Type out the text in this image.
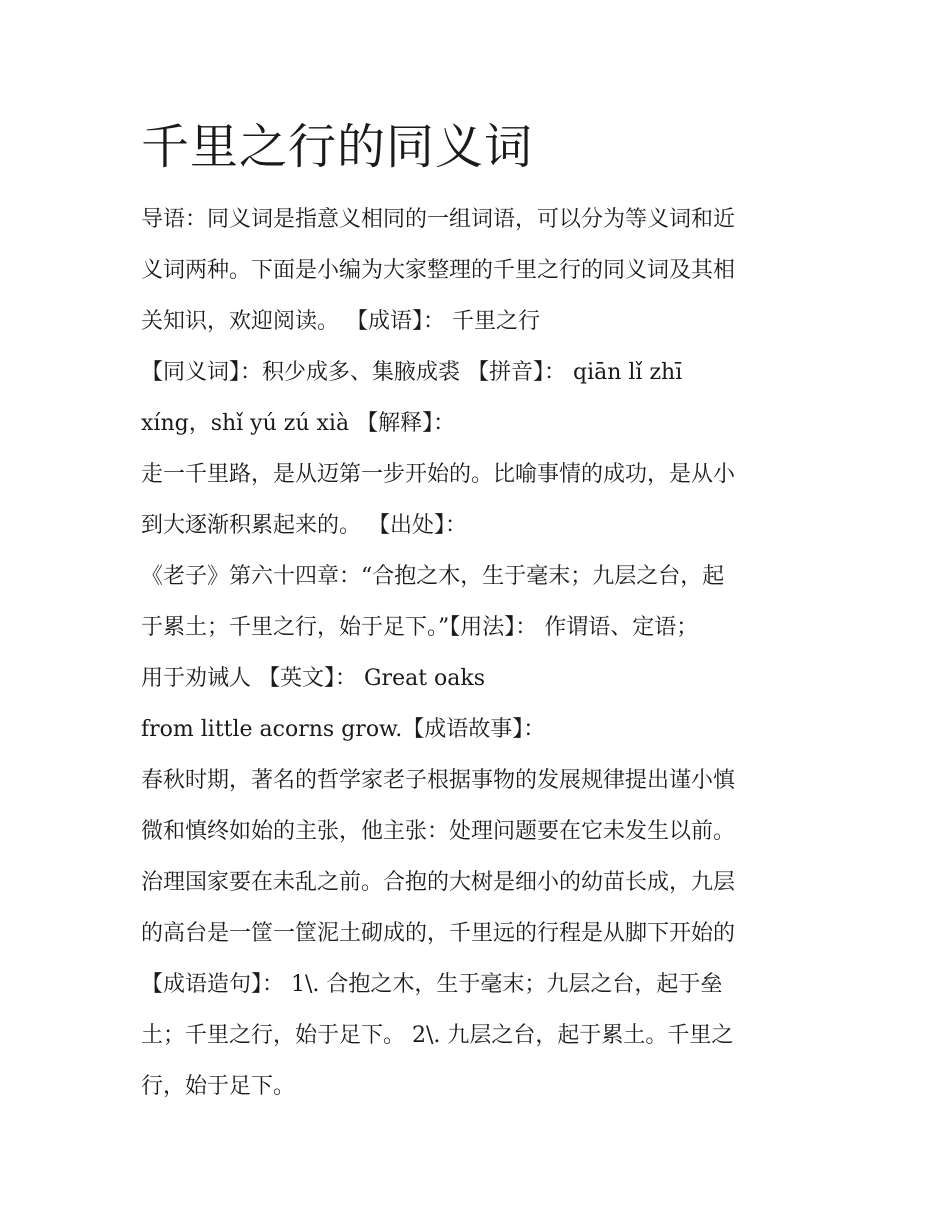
千里之行的同义词
导语：同义词是指意义相同的一组词语，可以分为等义词和近
义词两种。下面是小编为大家整理的千里之行的同义词及其相
关知识，欢迎阅读。 【成语】： 千里之行
【同义词】：积少成多、集腋成裘 【拼音】： qiān lǐ zhī
xíng，shǐ yú zú xià 【解释】：
走一千里路，是从迈第一步开始的。比喻事情的成功，是从小
到大逐渐积累起来的。 【出处】：
《老子》第六十四章：“合抱之木，生于毫末；九层之台，起
于累土；千里之行，始于足下。”【用法】： 作谓语、定语；
用于劝诫人 【英文】： Great oaks
from little acorns grow.【成语故事】：
春秋时期，著名的哲学家老子根据事物的发展规律提出谨小慎
微和慎终如始的主张，他主张：处理问题要在它未发生以前。
治理国家要在未乱之前。合抱的大树是细小的幼苗长成，九层
的高台是一筐一筐泥土砌成的，千里远的行程是从脚下开始的
【成语造句】： 1\. 合抱之木，生于毫末；九层之台，起于垒
土；千里之行，始于足下。 2\. 九层之台，起于累土。千里之
行，始于足下。
